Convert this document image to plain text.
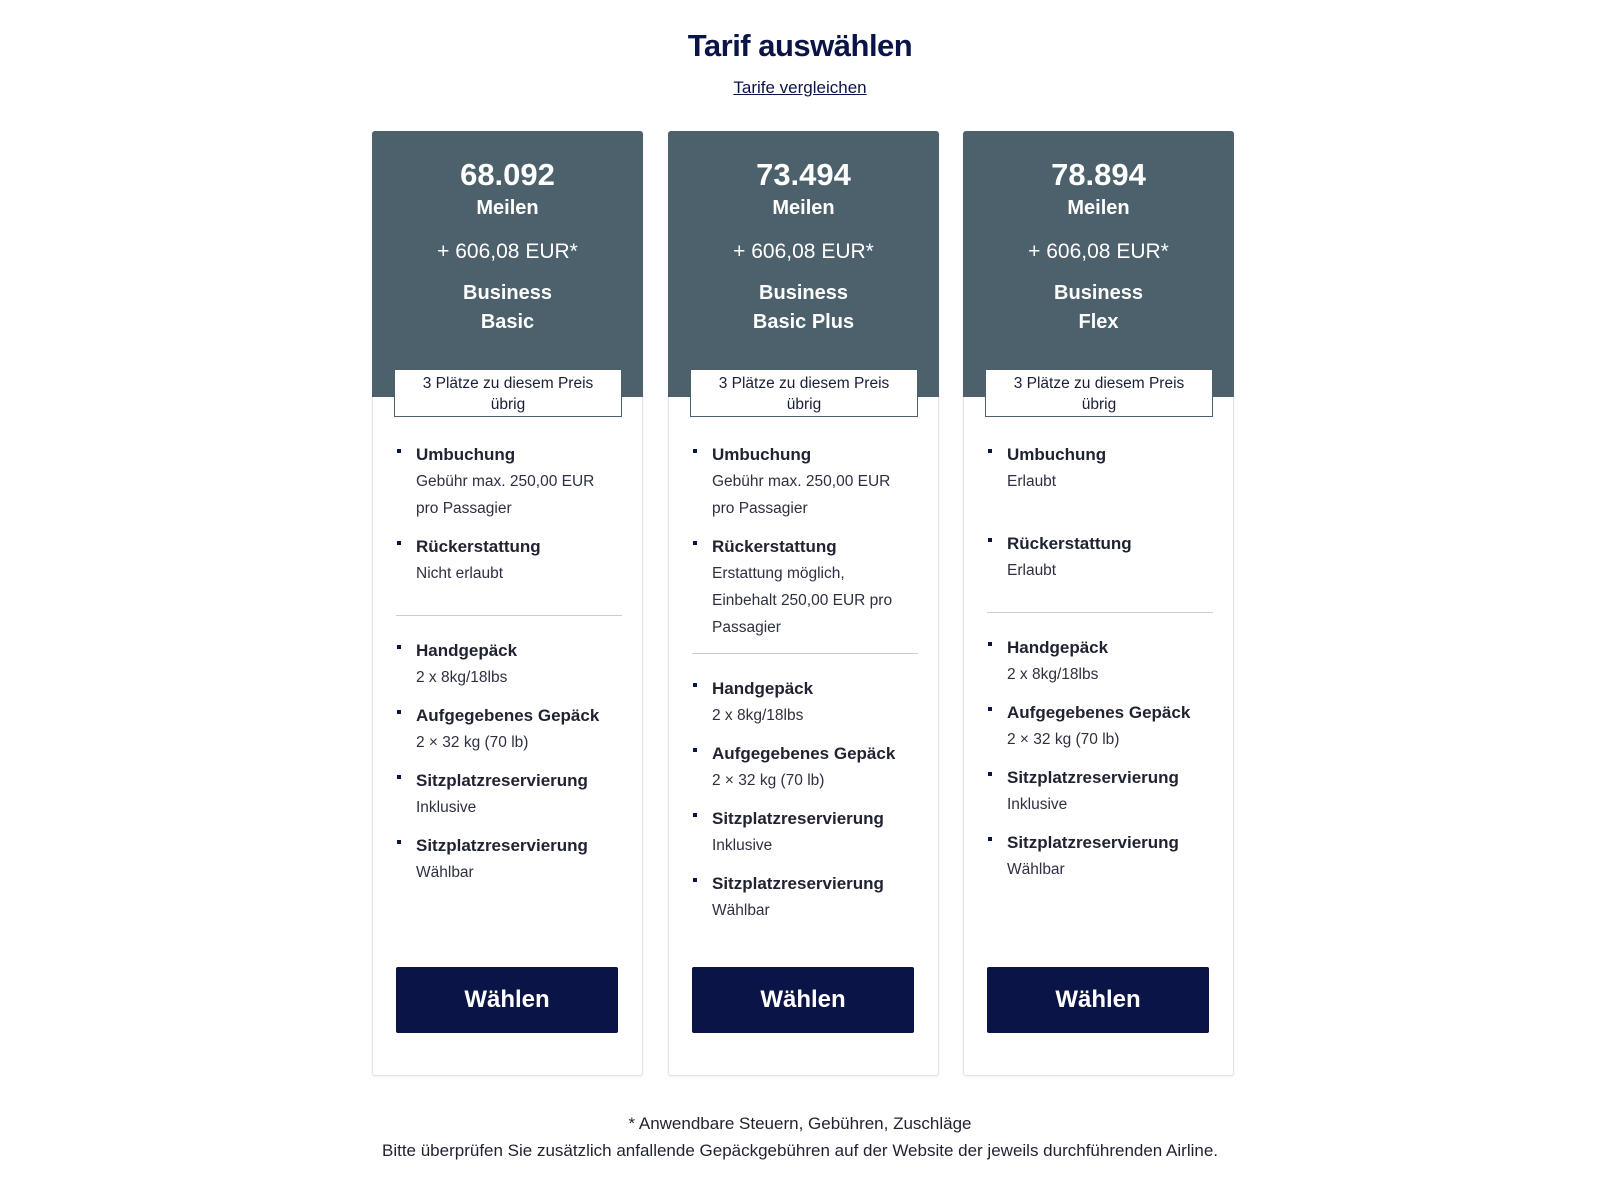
Tarif auswählen
Tarife vergleichen
68.092
Meilen
+ 606,08 EUR*
Business
Basic
3 Plätze zu diesem Preis
übrig
Umbuchung
Gebühr max. 250,00 EUR pro Passagier
Rückerstattung
Nicht erlaubt
Handgepäck
2 x 8kg/18lbs
Aufgegebenes Gepäck
2 × 32 kg (70 lb)
Sitzplatzreservierung
Inklusive
Sitzplatzreservierung
Wählbar
Wählen
73.494
Meilen
+ 606,08 EUR*
Business
Basic Plus
3 Plätze zu diesem Preis
übrig
Umbuchung
Gebühr max. 250,00 EUR pro Passagier
Rückerstattung
Erstattung möglich, Einbehalt 250,00 EUR pro Passagier
Handgepäck
2 x 8kg/18lbs
Aufgegebenes Gepäck
2 × 32 kg (70 lb)
Sitzplatzreservierung
Inklusive
Sitzplatzreservierung
Wählbar
Wählen
78.894
Meilen
+ 606,08 EUR*
Business
Flex
3 Plätze zu diesem Preis
übrig
Umbuchung
Erlaubt
Rückerstattung
Erlaubt
Handgepäck
2 x 8kg/18lbs
Aufgegebenes Gepäck
2 × 32 kg (70 lb)
Sitzplatzreservierung
Inklusive
Sitzplatzreservierung
Wählbar
Wählen
* Anwendbare Steuern, Gebühren, Zuschläge
Bitte überprüfen Sie zusätzlich anfallende Gepäckgebühren auf der Website der jeweils durchführenden Airline.
